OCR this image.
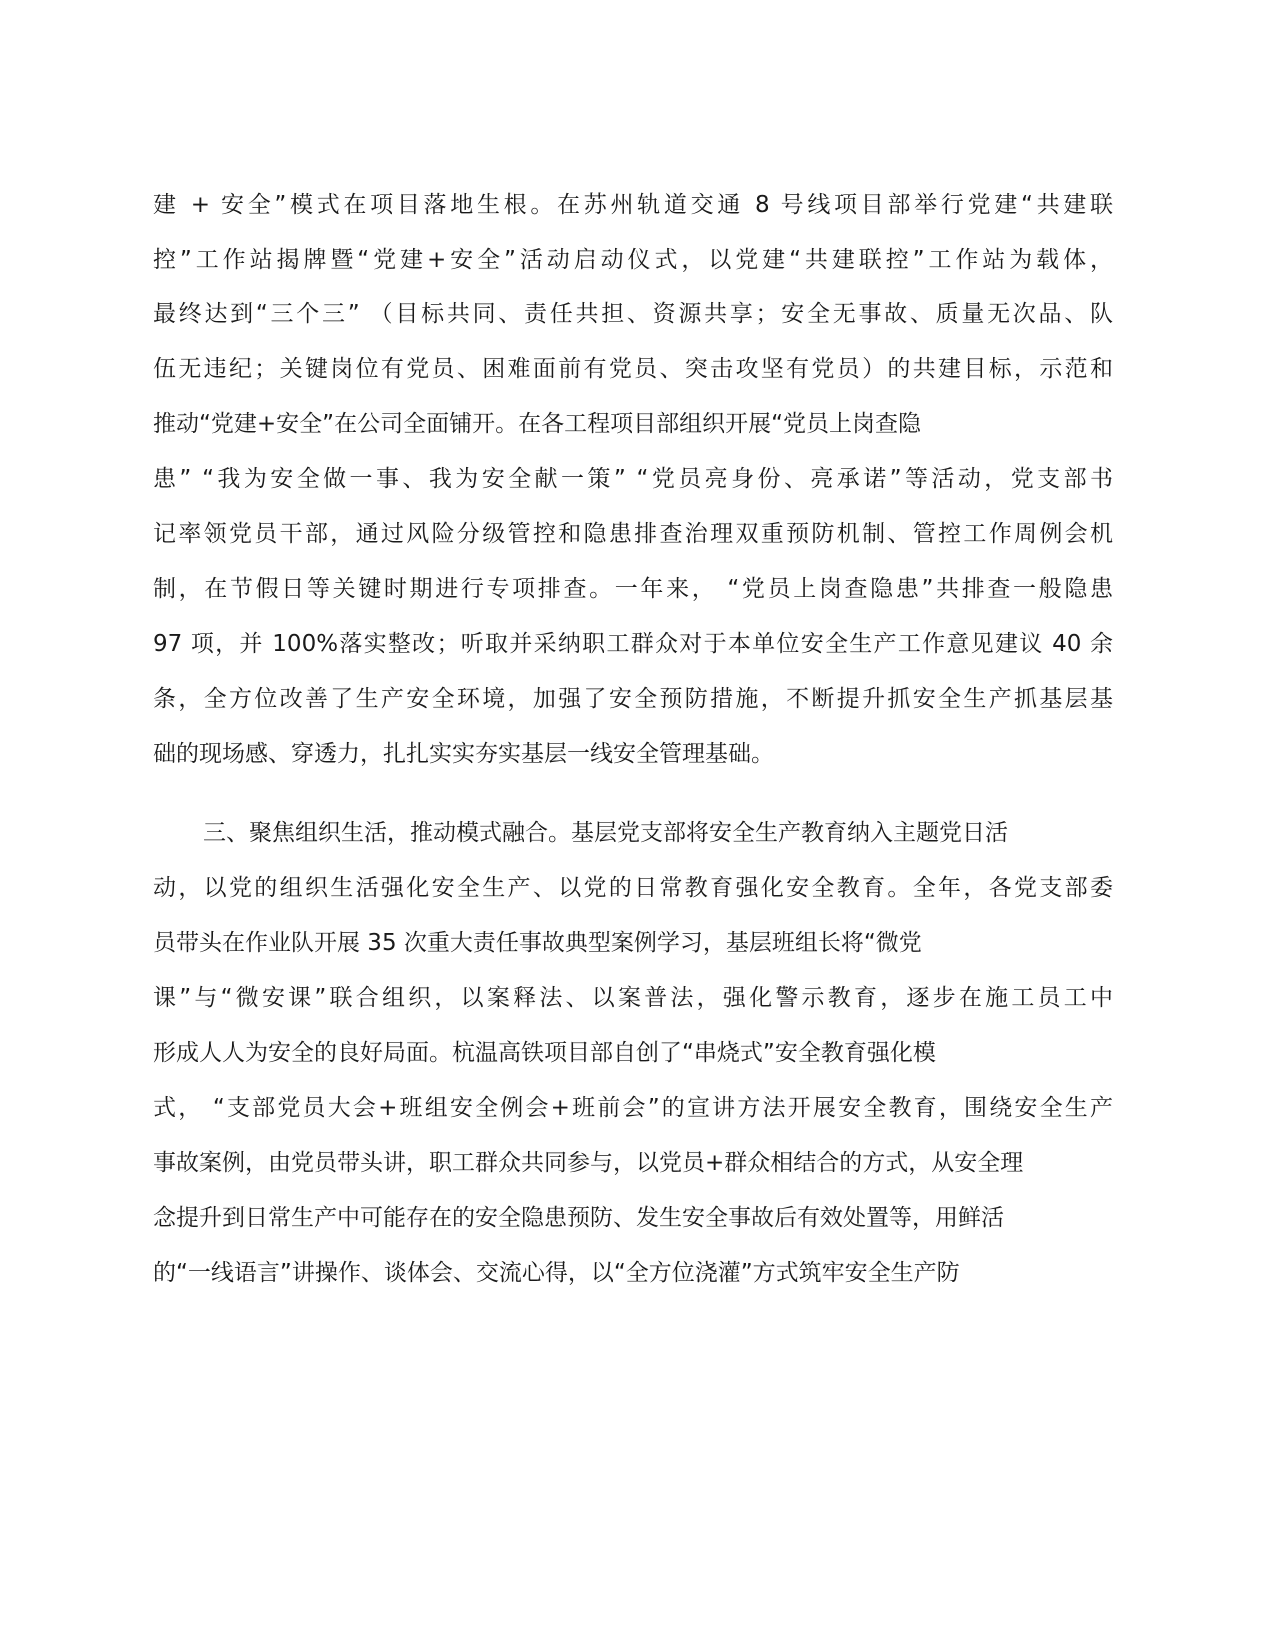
建 + 安全”模式在项目落地生根。在苏州轨道交通 8 号线项目部举行党建“共建联
控”工作站揭牌暨“党建+安全”活动启动仪式，以党建“共建联控”工作站为载体，
最终达到“三个三” （目标共同、责任共担、资源共享；安全无事故、质量无次品、队
伍无违纪；关键岗位有党员、困难面前有党员、突击攻坚有党员）的共建目标，示范和
推动“党建+安全”在公司全面铺开。在各工程项目部组织开展“党员上岗查隐
患” “我为安全做一事、我为安全献一策” “党员亮身份、亮承诺”等活动，党支部书
记率领党员干部，通过风险分级管控和隐患排查治理双重预防机制、管控工作周例会机
制，在节假日等关键时期进行专项排查。一年来， “党员上岗查隐患”共排查一般隐患
97 项，并 100%落实整改；听取并采纳职工群众对于本单位安全生产工作意见建议 40 余
条，全方位改善了生产安全环境，加强了安全预防措施，不断提升抓安全生产抓基层基
础的现场感、穿透力，扎扎实实夯实基层一线安全管理基础。
三、聚焦组织生活，推动模式融合。基层党支部将安全生产教育纳入主题党日活
动，以党的组织生活强化安全生产、以党的日常教育强化安全教育。全年，各党支部委
员带头在作业队开展 35 次重大责任事故典型案例学习，基层班组长将“微党
课”与“微安课”联合组织，以案释法、以案普法，强化警示教育，逐步在施工员工中
形成人人为安全的良好局面。杭温高铁项目部自创了“串烧式”安全教育强化模
式， “支部党员大会+班组安全例会+班前会”的宣讲方法开展安全教育，围绕安全生产
事故案例，由党员带头讲，职工群众共同参与，以党员+群众相结合的方式，从安全理
念提升到日常生产中可能存在的安全隐患预防、发生安全事故后有效处置等，用鲜活
的“一线语言”讲操作、谈体会、交流心得，以“全方位浇灌”方式筑牢安全生产防
